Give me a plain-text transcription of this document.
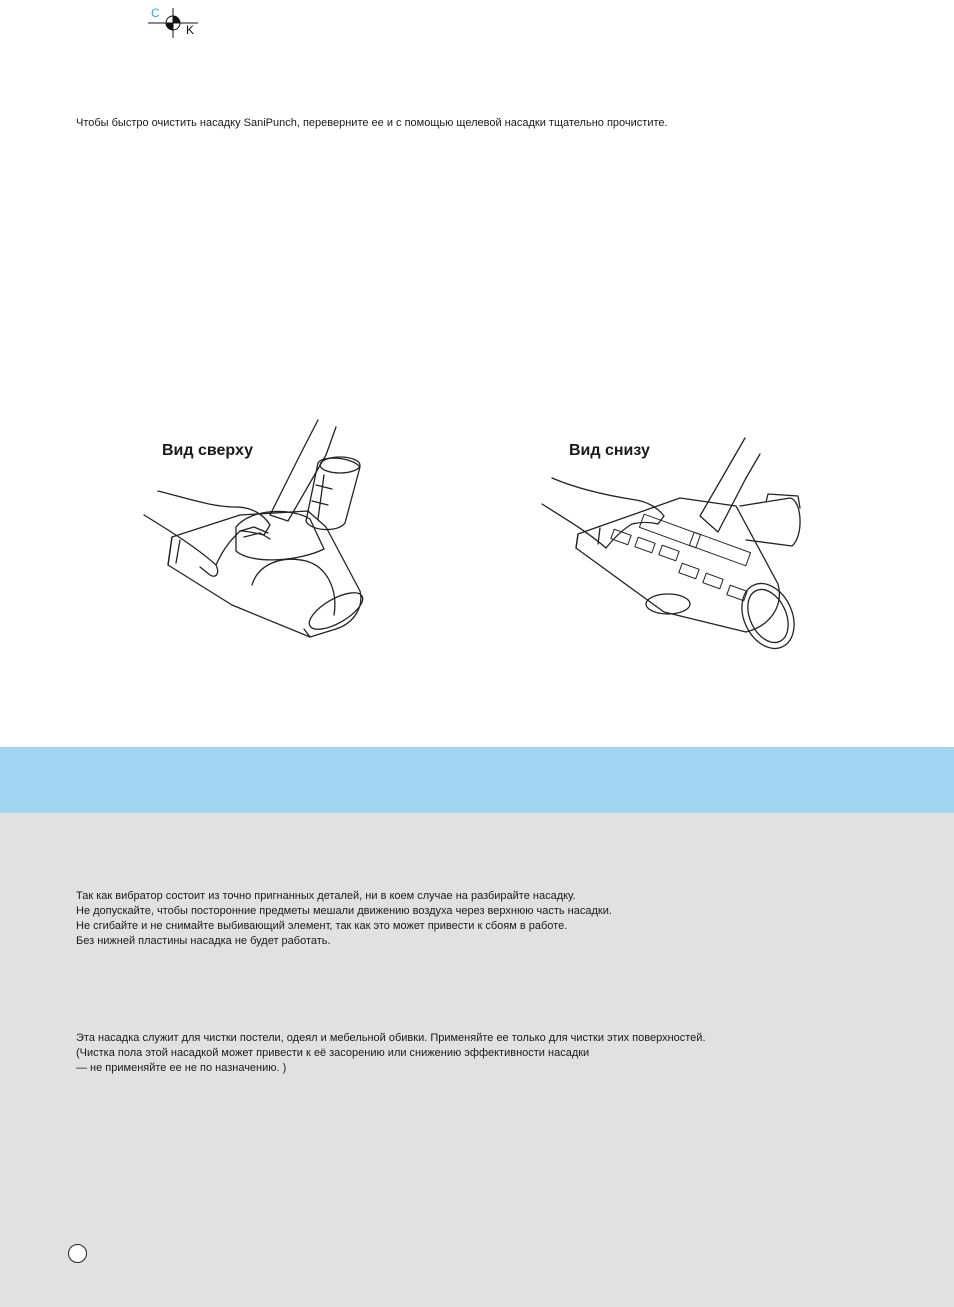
C
K
Чтобы быстро очистить насадку SaniPunch, переверните ее и с помощью щелевой насадки тщательно прочистите.
Вид сверху	Вид снизу
Так как вибратор состоит из точно пригнанных деталей, ни в коем случае на разбирайте насадку.
Не допускайте, чтобы посторонние предметы мешали движению воздуха через верхнюю часть насадки.
Не сгибайте и не снимайте выбивающий элемент, так как это может привести к сбоям в работе.
Без нижней пластины насадка не будет работать.
Эта насадка служит для чистки постели, одеял и мебельной обивки. Применяйте ее только для чистки этих поверхностей.
(Чистка пола этой насадкой может привести к её засорению или снижению эффективности насадки
— не применяйте ее не по назначению. )
